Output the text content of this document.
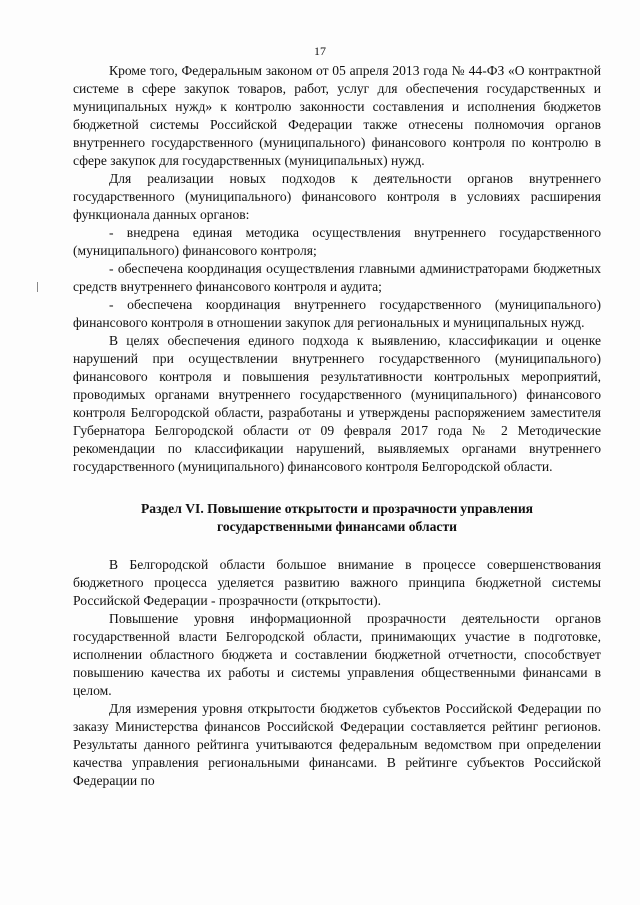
17

Кроме того, Федеральным законом от 05 апреля 2013 года № 44-ФЗ «О контрактной системе в сфере закупок товаров, работ, услуг для обеспечения государственных и муниципальных нужд» к контролю законности составления и исполнения бюджетов бюджетной системы Российской Федерации также отнесены полномочия органов внутреннего государственного (муниципального) финансового контроля по контролю в сфере закупок для государственных (муниципальных) нужд.

Для реализации новых подходов к деятельности органов внутреннего государственного (муниципального) финансового контроля в условиях расширения функционала данных органов:

- внедрена единая методика осуществления внутреннего государственного (муниципального) финансового контроля;

- обеспечена координация осуществления главными администраторами бюджетных средств внутреннего финансового контроля и аудита;

- обеспечена координация внутреннего государственного (муниципального) финансового контроля в отношении закупок для региональных и муниципальных нужд.

В целях обеспечения единого подхода к выявлению, классификации и оценке нарушений при осуществлении внутреннего государственного (муниципального) финансового контроля и повышения результативности контрольных мероприятий, проводимых органами внутреннего государственного (муниципального) финансового контроля Белгородской области, разработаны и утверждены распоряжением заместителя Губернатора Белгородской области от 09 февраля 2017 года № 2 Методические рекомендации по классификации нарушений, выявляемых органами внутреннего государственного (муниципального) финансового контроля Белгородской области.

Раздел VI. Повышение открытости и прозрачности управления
государственными финансами области

В Белгородской области большое внимание в процессе совершенствования бюджетного процесса уделяется развитию важного принципа бюджетной системы Российской Федерации - прозрачности (открытости).

Повышение уровня информационной прозрачности деятельности органов государственной власти Белгородской области, принимающих участие в подготовке, исполнении областного бюджета и составлении бюджетной отчетности, способствует повышению качества их работы и системы управления общественными финансами в целом.

Для измерения уровня открытости бюджетов субъектов Российской Федерации по заказу Министерства финансов Российской Федерации составляется рейтинг регионов. Результаты данного рейтинга учитываются федеральным ведомством при определении качества управления региональными финансами. В рейтинге субъектов Российской Федерации по
